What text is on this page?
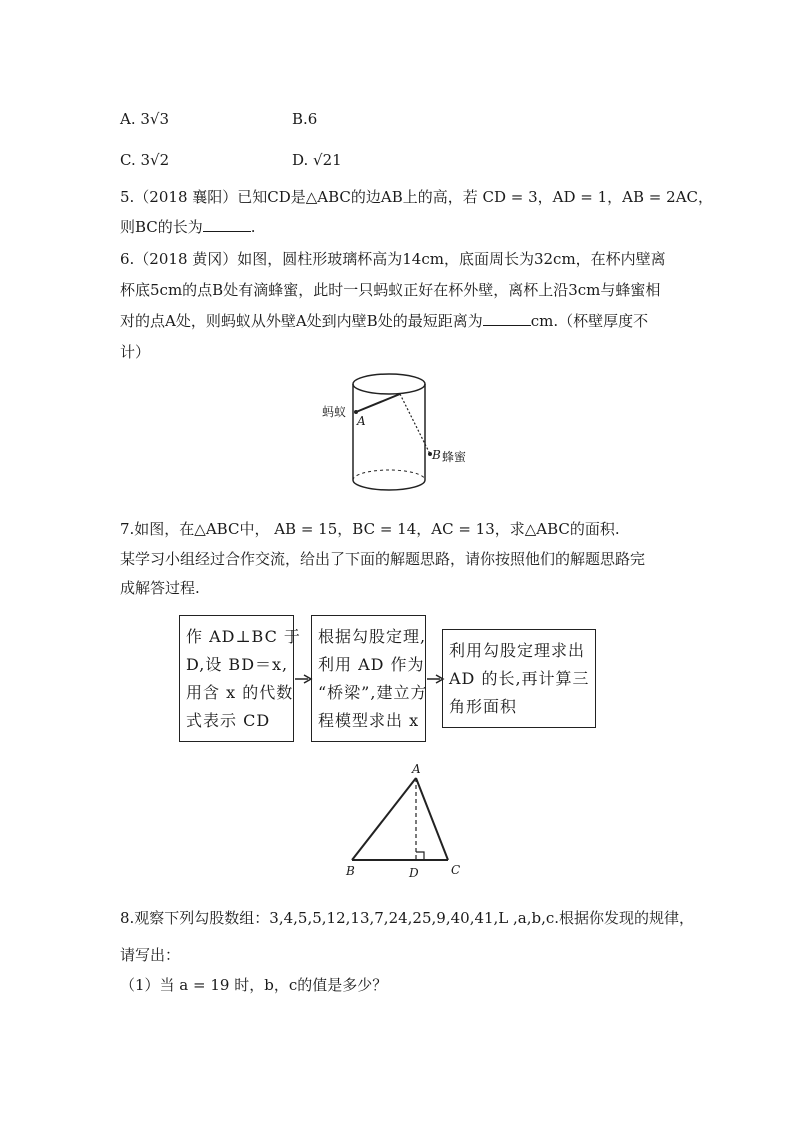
A. 3√3	B.6
C. 3√2	D. √21
5.（2018 襄阳）已知CD是△ABC的边AB上的高，若 CD = 3，AD = 1，AB = 2AC，
则BC的长为	.
6.（2018 黄冈）如图，圆柱形玻璃杯高为14cm，底面周长为32cm，在杯内壁离
杯底5cm的点B处有滴蜂蜜，此时一只蚂蚁正好在杯外壁，离杯上沿3cm与蜂蜜相
对的点A处，则蚂蚁从外壁A处到内壁B处的最短距离为	cm.（杯壁厚度不
计）
蚂蚁
A
B 蜂蜜
7.如图，在△ABC中， AB = 15，BC = 14，AC = 13，求△ABC的面积.
某学习小组经过合作交流，给出了下面的解题思路，请你按照他们的解题思路完
成解答过程.
作 AD⊥BC 于
D,设 BD＝x,
用含 x 的代数
式表示 CD
根据勾股定理,
利用 AD 作为
“桥梁”,建立方
程模型求出 x
利用勾股定理求出
AD 的长,再计算三
角形面积
A
B	C
D
8.观察下列勾股数组：3,4,5,5,12,13,7,24,25,9,40,41,L ,a,b,c.根据你发现的规律，
请写出：
（1）当 a = 19 时，b，c的值是多少？
